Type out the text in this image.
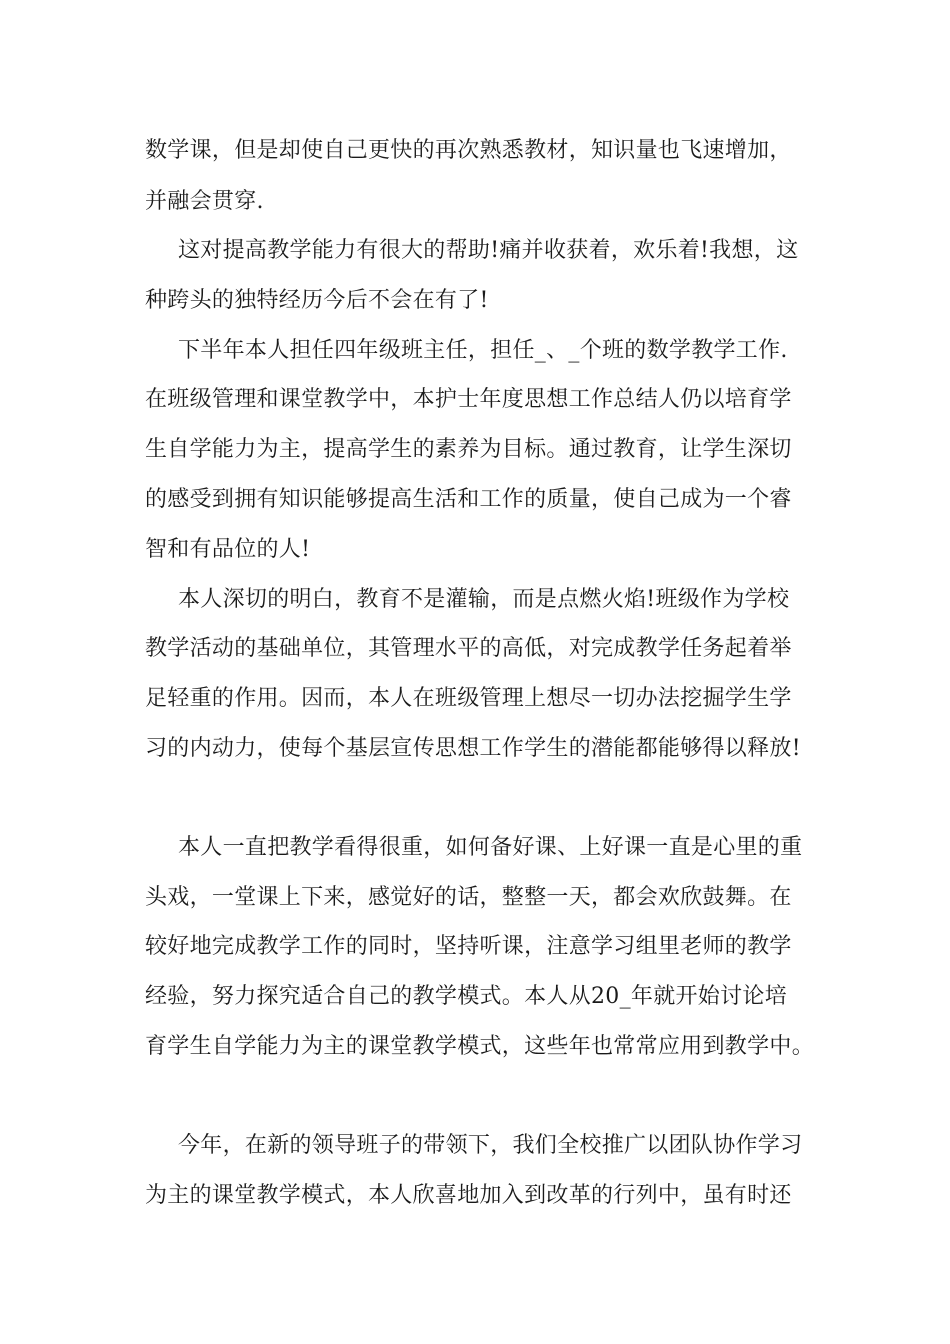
数学课，但是却使自己更快的再次熟悉教材，知识量也飞速增加，

并融会贯穿.

这对提高教学能力有很大的帮助!痛并收获着，欢乐着!我想，这

种跨头的独特经历今后不会在有了!

下半年本人担任四年级班主任，担任_、_个班的数学教学工作.

在班级管理和课堂教学中，本护士年度思想工作总结人仍以培育学

生自学能力为主，提高学生的素养为目标。通过教育，让学生深切

的感受到拥有知识能够提高生活和工作的质量，使自己成为一个睿

智和有品位的人!

本人深切的明白，教育不是灌输，而是点燃火焰!班级作为学校

教学活动的基础单位，其管理水平的高低，对完成教学任务起着举

足轻重的作用。因而，本人在班级管理上想尽一切办法挖掘学生学

习的内动力，使每个基层宣传思想工作学生的潜能都能够得以释放!

本人一直把教学看得很重，如何备好课、上好课一直是心里的重

头戏，一堂课上下来，感觉好的话，整整一天，都会欢欣鼓舞。在

较好地完成教学工作的同时，坚持听课，注意学习组里老师的教学

经验，努力探究适合自己的教学模式。本人从20_年就开始讨论培

育学生自学能力为主的课堂教学模式，这些年也常常应用到教学中。

今年，在新的领导班子的带领下，我们全校推广以团队协作学习

为主的课堂教学模式，本人欣喜地加入到改革的行列中，虽有时还
